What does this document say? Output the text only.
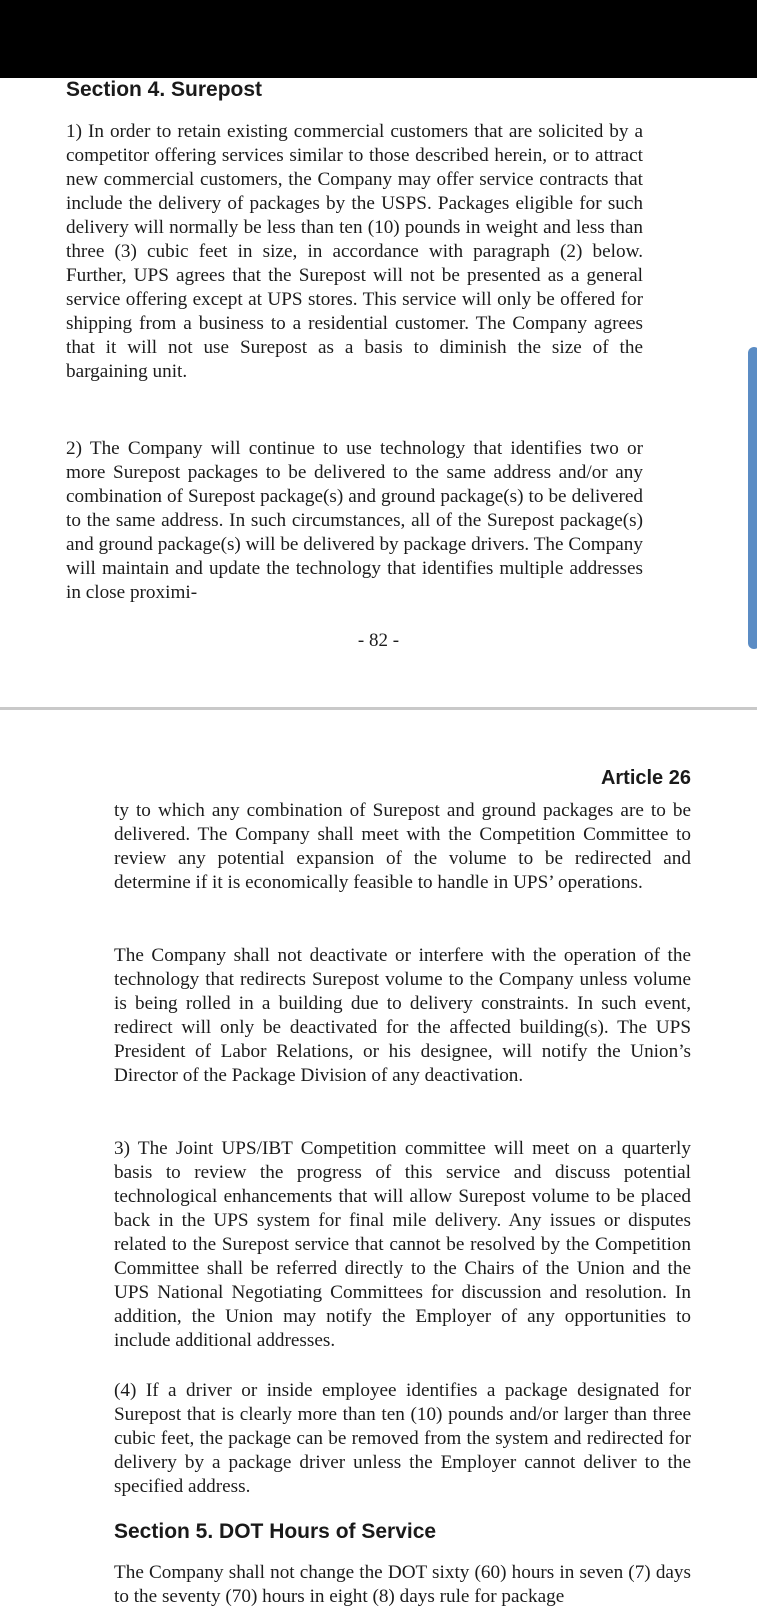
Section 4. Surepost

1) In order to retain existing commercial customers that are solicited by a competitor offering services similar to those described herein, or to attract new commercial customers, the Company may offer service contracts that include the delivery of packages by the USPS. Packages eligible for such delivery will normally be less than ten (10) pounds in weight and less than three (3) cubic feet in size, in accordance with paragraph (2) below. Further, UPS agrees that the Surepost will not be presented as a general service offering except at UPS stores. This service will only be offered for shipping from a business to a residential customer. The Company agrees that it will not use Surepost as a basis to diminish the size of the bargaining unit.

2) The Company will continue to use technology that identifies two or more Surepost packages to be delivered to the same address and/or any combination of Surepost package(s) and ground package(s) to be delivered to the same address. In such circumstances, all of the Surepost package(s) and ground package(s) will be delivered by package drivers. The Company will maintain and update the technology that identifies multiple addresses in close proximi-

- 82 -

Article 26

ty to which any combination of Surepost and ground packages are to be delivered. The Company shall meet with the Competition Committee to review any potential expansion of the volume to be redirected and determine if it is economically feasible to handle in UPS’ operations.

The Company shall not deactivate or interfere with the operation of the technology that redirects Surepost volume to the Company unless volume is being rolled in a building due to delivery constraints. In such event, redirect will only be deactivated for the affected building(s). The UPS President of Labor Relations, or his designee, will notify the Union’s Director of the Package Division of any deactivation.

3) The Joint UPS/IBT Competition committee will meet on a quarterly basis to review the progress of this service and discuss potential technological enhancements that will allow Surepost volume to be placed back in the UPS system for final mile delivery. Any issues or disputes related to the Surepost service that cannot be resolved by the Competition Committee shall be referred directly to the Chairs of the Union and the UPS National Negotiating Committees for discussion and resolution. In addition, the Union may notify the Employer of any opportunities to include additional addresses.

(4) If a driver or inside employee identifies a package designated for Surepost that is clearly more than ten (10) pounds and/or larger than three cubic feet, the package can be removed from the system and redirected for delivery by a package driver unless the Employer cannot deliver to the specified address.

Section 5. DOT Hours of Service

The Company shall not change the DOT sixty (60) hours in seven (7) days to the seventy (70) hours in eight (8) days rule for package
